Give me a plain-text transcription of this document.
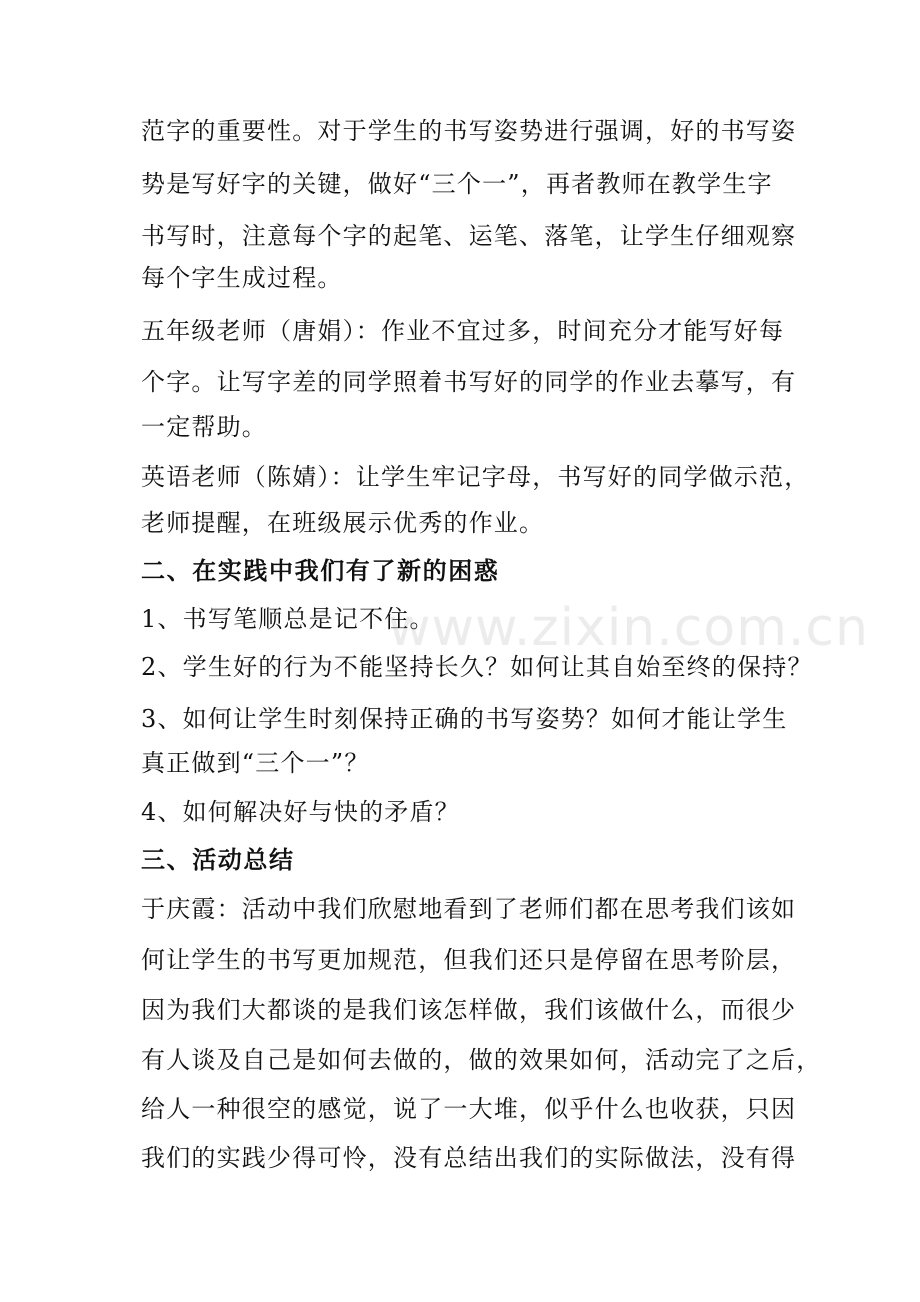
范字的重要性。对于学生的书写姿势进行强调，好的书写姿
势是写好字的关键，做好“三个一”，再者教师在教学生字
书写时，注意每个字的起笔、运笔、落笔，让学生仔细观察
每个字生成过程。
五年级老师（唐娟）：作业不宜过多，时间充分才能写好每
个字。让写字差的同学照着书写好的同学的作业去摹写，有
一定帮助。
英语老师（陈婧）：让学生牢记字母，书写好的同学做示范，
老师提醒，在班级展示优秀的作业。
二、在实践中我们有了新的困惑
1、书写笔顺总是记不住。
2、学生好的行为不能坚持长久？如何让其自始至终的保持？
3、如何让学生时刻保持正确的书写姿势？如何才能让学生
真正做到“三个一”？
4、如何解决好与快的矛盾？
三、活动总结
于庆霞：活动中我们欣慰地看到了老师们都在思考我们该如
何让学生的书写更加规范，但我们还只是停留在思考阶层，
因为我们大都谈的是我们该怎样做，我们该做什么，而很少
有人谈及自己是如何去做的，做的效果如何，活动完了之后，
给人一种很空的感觉，说了一大堆，似乎什么也收获，只因
我们的实践少得可怜，没有总结出我们的实际做法，没有得
www.zixin.com.cn
